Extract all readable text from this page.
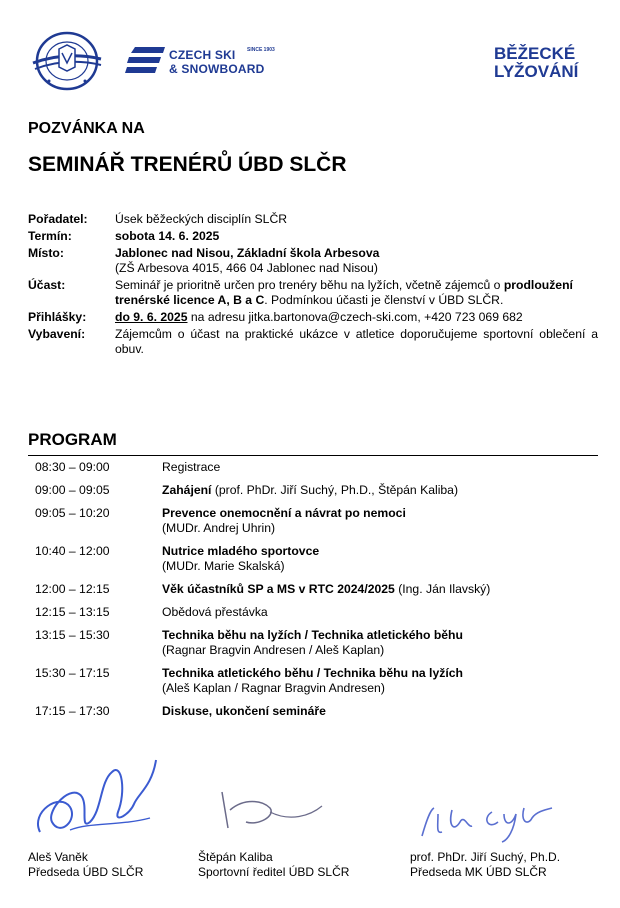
CZECH SKI SINCE 1903
& SNOWBOARD
BĚŽECKÉ
LYŽOVÁNÍ
POZVÁNKA NA
SEMINÁŘ TRENÉRŮ ÚBD SLČR
Pořadatel:	Úsek běžeckých disciplín SLČR
Termín:	sobota 14. 6. 2025
Místo:	Jablonec nad Nisou, Základní škola Arbesova
(ZŠ Arbesova 4015, 466 04 Jablonec nad Nisou)
Účast:	Seminář je prioritně určen pro trenéry běhu na lyžích, včetně zájemců o prodloužení trenérské licence A, B a C. Podmínkou účasti je členství v ÚBD SLČR.
Přihlášky:	do 9. 6. 2025 na adresu jitka.bartonova@czech-ski.com, +420 723 069 682
Vybavení:	Zájemcům o účast na praktické ukázce v atletice doporučujeme sportovní oblečení a obuv.
PROGRAM
08:30 – 09:00	Registrace
09:00 – 09:05	Zahájení (prof. PhDr. Jiří Suchý, Ph.D., Štěpán Kaliba)
09:05 – 10:20	Prevence onemocnění a návrat po nemoci
(MUDr. Andrej Uhrin)
10:40 – 12:00	Nutrice mladého sportovce
(MUDr. Marie Skalská)
12:00 – 12:15	Věk účastníků SP a MS v RTC 2024/2025 (Ing. Ján Ilavský)
12:15 – 13:15	Obědová přestávka
13:15 – 15:30	Technika běhu na lyžích / Technika atletického běhu
(Ragnar Bragvin Andresen / Aleš Kaplan)
15:30 – 17:15	Technika atletického běhu / Technika běhu na lyžích
(Aleš Kaplan / Ragnar Bragvin Andresen)
17:15 – 17:30	Diskuse, ukončení semináře
Aleš Vaněk
Předseda ÚBD SLČR
Štěpán Kaliba
Sportovní ředitel ÚBD SLČR
prof. PhDr. Jiří Suchý, Ph.D.
Předseda MK ÚBD SLČR
